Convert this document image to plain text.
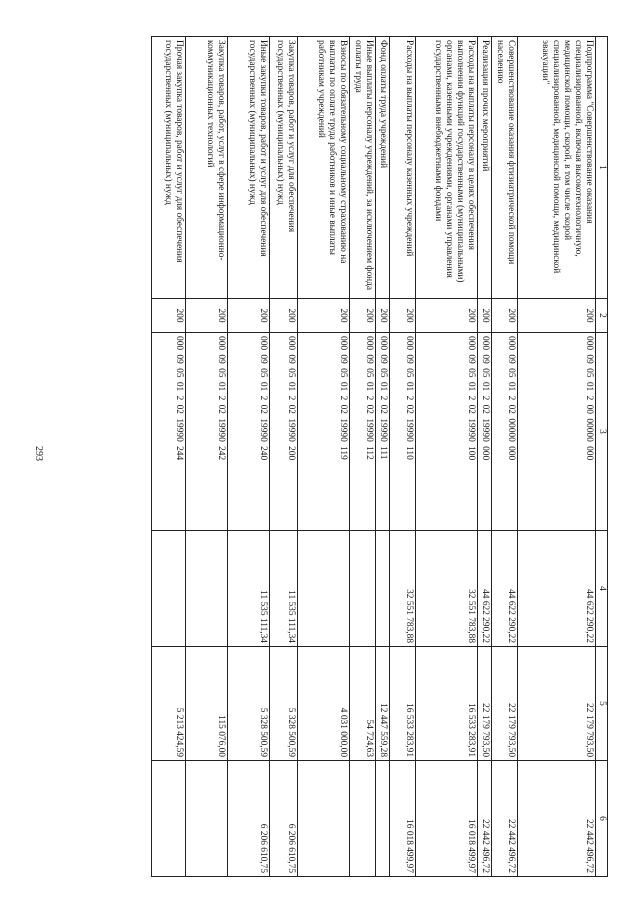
293
1	2	3	4	5	6
Подпрограмма "Совершенствование оказания специализированной, включая высокотехнологичную, медицинской помощи, скорой, в том числе скорой специализированной, медицинской помощи, медицинской эвакуации"	200	000 09 05 01 2 00 00000 000	44 622 290,22	22 179 793,50	22 442 496,72
Совершенствование оказания фтизиатрической помощи населению	200	000 09 05 01 2 02 00000 000	44 622 290,22	22 179 793,50	22 442 496,72
Реализация прочих мероприятий	200	000 09 05 01 2 02 19990 000	44 622 290,22	22 179 793,50	22 442 496,72
Расходы на выплаты персоналу в целях обеспечения выполнения функций государственными (муниципальными) органами, казенными учреждениями, органами управления государственными внебюджетными фондами	200	000 09 05 01 2 02 19990 100	32 551 783,88	16 533 283,91	16 018 499,97
Расходы на выплаты персоналу казенных учреждений	200	000 09 05 01 2 02 19990 110	32 551 783,88	16 533 283,91	16 018 499,97
Фонд оплаты труда учреждений	200	000 09 05 01 2 02 19990 111		12 447 559,28	
Иные выплаты персоналу учреждений, за исключением фонда оплаты труда	200	000 09 05 01 2 02 19990 112		54 724,63	
Взносы по обязательному социальному страхованию на выплаты по оплате труда работников и иные выплаты работникам учреждений	200	000 09 05 01 2 02 19990 119		4 031 000,00	
Закупка товаров, работ и услуг для обеспечения государственных (муниципальных) нужд	200	000 09 05 01 2 02 19990 200	11 535 111,34	5 328 500,59	6 206 610,75
Иные закупки товаров, работ и услуг для обеспечения государственных (муниципальных) нужд	200	000 09 05 01 2 02 19990 240	11 535 111,34	5 328 500,59	6 206 610,75
Закупка товаров, работ, услуг в сфере информационно-коммуникационных технологий	200	000 09 05 01 2 02 19990 242		115 076,00	
Прочая закупка товаров, работ и услуг для обеспечения государственных (муниципальных) нужд	200	000 09 05 01 2 02 19990 244		5 213 424,59	
